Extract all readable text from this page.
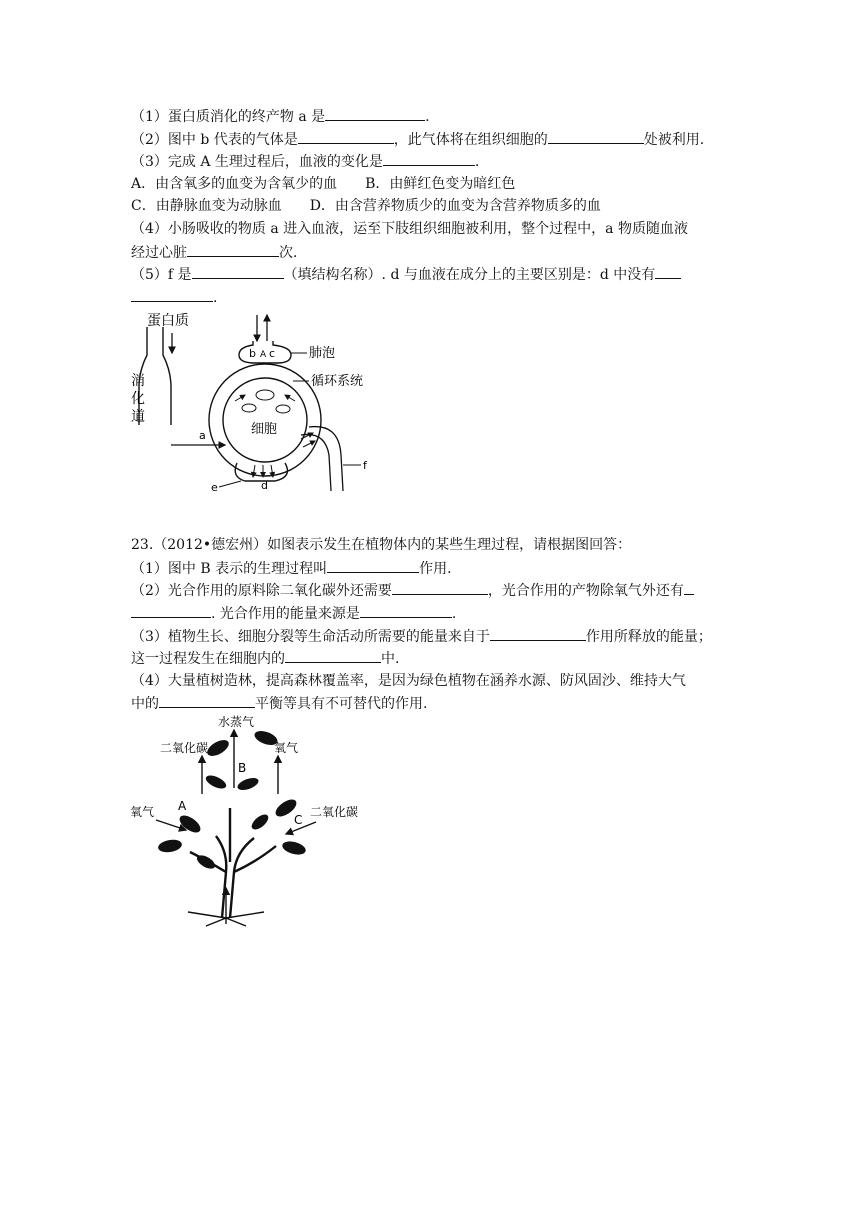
（1）蛋白质消化的终产物 a 是	.
（2）图中 b 代表的气体是	，此气体将在组织细胞的	处被利用.
（3）完成 A 生理过程后，血液的变化是	.
A．由含氧多的血变为含氧少的血　　B．由鲜红色变为暗红色
C．由静脉血变为动脉血　　D．由含营养物质少的血变为含营养物质多的血
（4）小肠吸收的物质 a 进入血液，运至下肢组织细胞被利用，整个过程中，a 物质随血液
经过心脏	次.
（5）f 是	（填结构名称）. d 与血液在成分上的主要区别是：d 中没有
.
蛋白质
消
化
道
b A c	肺泡
循环系统
细胞
a
d
e
f
23.（2012•德宏州）如图表示发生在植物体内的某些生理过程，请根据图回答：
（1）图中 B 表示的生理过程叫	作用.
（2）光合作用的原料除二氧化碳外还需要	，光合作用的产物除氧气外还有
. 光合作用的能量来源是	.
（3）植物生长、细胞分裂等生命活动所需要的能量来自于	作用所释放的能量；
这一过程发生在细胞内的	中.
（4）大量植树造林，提高森林覆盖率，是因为绿色植物在涵养水源、防风固沙、维持大气
中的	平衡等具有不可替代的作用.
水蒸气
二氧化碳	氧气
氧气	二氧化碳
B
A
C
